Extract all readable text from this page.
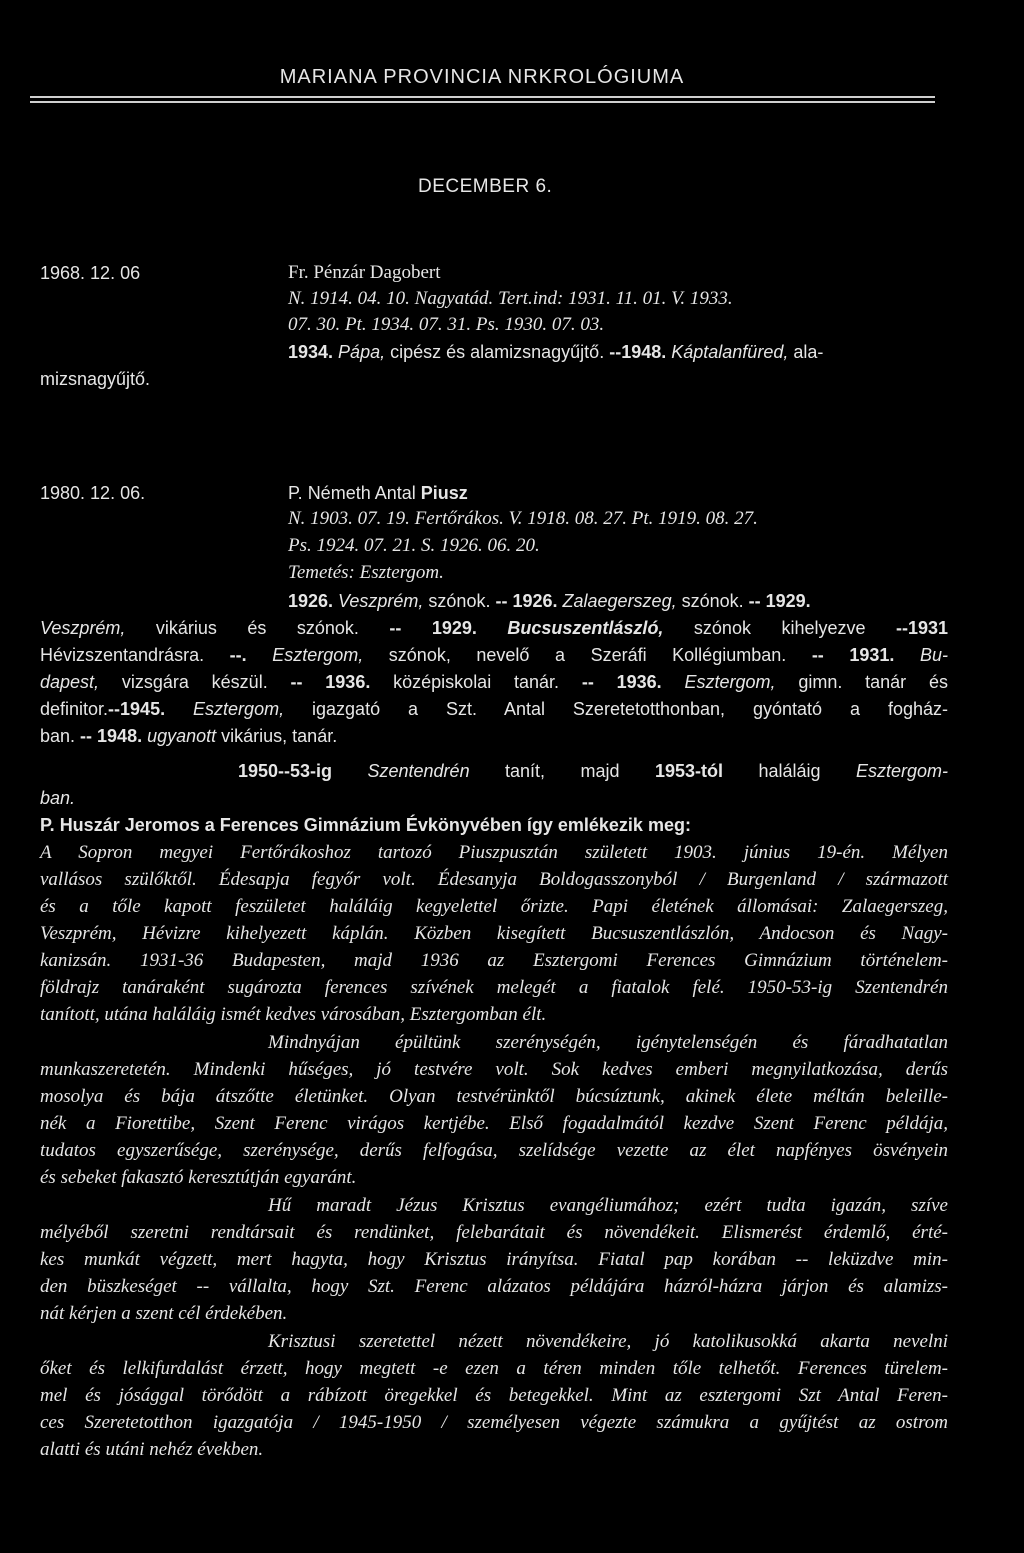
MARIANA PROVINCIA NRKROLÓGIUMA
DECEMBER 6.
1968. 12. 06	Fr. Pénzár Dagobert
N. 1914. 04. 10. Nagyatád. Tert.ind: 1931. 11. 01. V. 1933.
07. 30. Pt. 1934. 07. 31. Ps. 1930. 07. 03.
1934. Pápa, cipész és alamizsnagyűjtő. --1948. Káptalanfüred, ala-
mizsnagyűjtő.
1980. 12. 06.	P. Németh Antal Piusz
N. 1903. 07. 19. Fertőrákos. V. 1918. 08. 27. Pt. 1919. 08. 27.
Ps. 1924. 07. 21. S. 1926. 06. 20.
Temetés: Esztergom.
1926. Veszprém, szónok. -- 1926. Zalaegerszeg, szónok. -- 1929.
Veszprém, vikárius és szónok. -- 1929. Bucsuszentlászló, szónok kihelyezve --1931
Hévizszentandrásra. --. Esztergom, szónok, nevelő a Szeráfi Kollégiumban. -- 1931. Bu-
dapest, vizsgára készül. -- 1936. középiskolai tanár. -- 1936. Esztergom, gimn. tanár és
definitor.--1945. Esztergom, igazgató a Szt. Antal Szeretetotthonban, gyóntató a fogház-
ban. -- 1948. ugyanott vikárius, tanár.
1950--53-ig Szentendrén tanít, majd 1953-tól haláláig Esztergom-
ban.
P. Huszár Jeromos a Ferences Gimnázium Évkönyvében így emlékezik meg:
A Sopron megyei Fertőrákoshoz tartozó Piuszpusztán született 1903. június 19-én. Mélyen
vallásos szülőktől. Édesapja fegyőr volt. Édesanyja Boldogasszonyból / Burgenland / származott
és a tőle kapott feszületet haláláig kegyelettel őrizte. Papi életének állomásai: Zalaegerszeg,
Veszprém, Hévizre kihelyezett káplán. Közben kisegített Bucsuszentlászlón, Andocson és Nagy-
kanizsán. 1931-36 Budapesten, majd 1936 az Esztergomi Ferences Gimnázium történelem-
földrajz tanáraként sugározta ferences szívének melegét a fiatalok felé. 1950-53-ig Szentendrén
tanított, utána haláláig ismét kedves városában, Esztergomban élt.
Mindnyájan épültünk szerénységén, igénytelenségén és fáradhatatlan
munkaszeretetén. Mindenki hűséges, jó testvére volt. Sok kedves emberi megnyilatkozása, derűs
mosolya és bája átszőtte életünket. Olyan testvérünktől búcsúztunk, akinek élete méltán beleille-
nék a Fiorettibe, Szent Ferenc virágos kertjébe. Első fogadalmától kezdve Szent Ferenc példája,
tudatos egyszerűsége, szerénysége, derűs felfogása, szelídsége vezette az élet napfényes ösvényein
és sebeket fakasztó keresztútján egyaránt.
Hű maradt Jézus Krisztus evangéliumához; ezért tudta igazán, szíve
mélyéből szeretni rendtársait és rendünket, felebarátait és növendékeit. Elismerést érdemlő, érté-
kes munkát végzett, mert hagyta, hogy Krisztus irányítsa. Fiatal pap korában -- leküzdve min-
den büszkeséget -- vállalta, hogy Szt. Ferenc alázatos példájára házról-házra járjon és alamizs-
nát kérjen a szent cél érdekében.
Krisztusi szeretettel nézett növendékeire, jó katolikusokká akarta nevelni
őket és lelkifurdalást érzett, hogy megtett -e ezen a téren minden tőle telhetőt. Ferences türelem-
mel és jósággal törődött a rábízott öregekkel és betegekkel. Mint az esztergomi Szt Antal Feren-
ces Szeretetotthon igazgatója / 1945-1950 / személyesen végezte számukra a gyűjtést az ostrom
alatti és utáni nehéz években.
